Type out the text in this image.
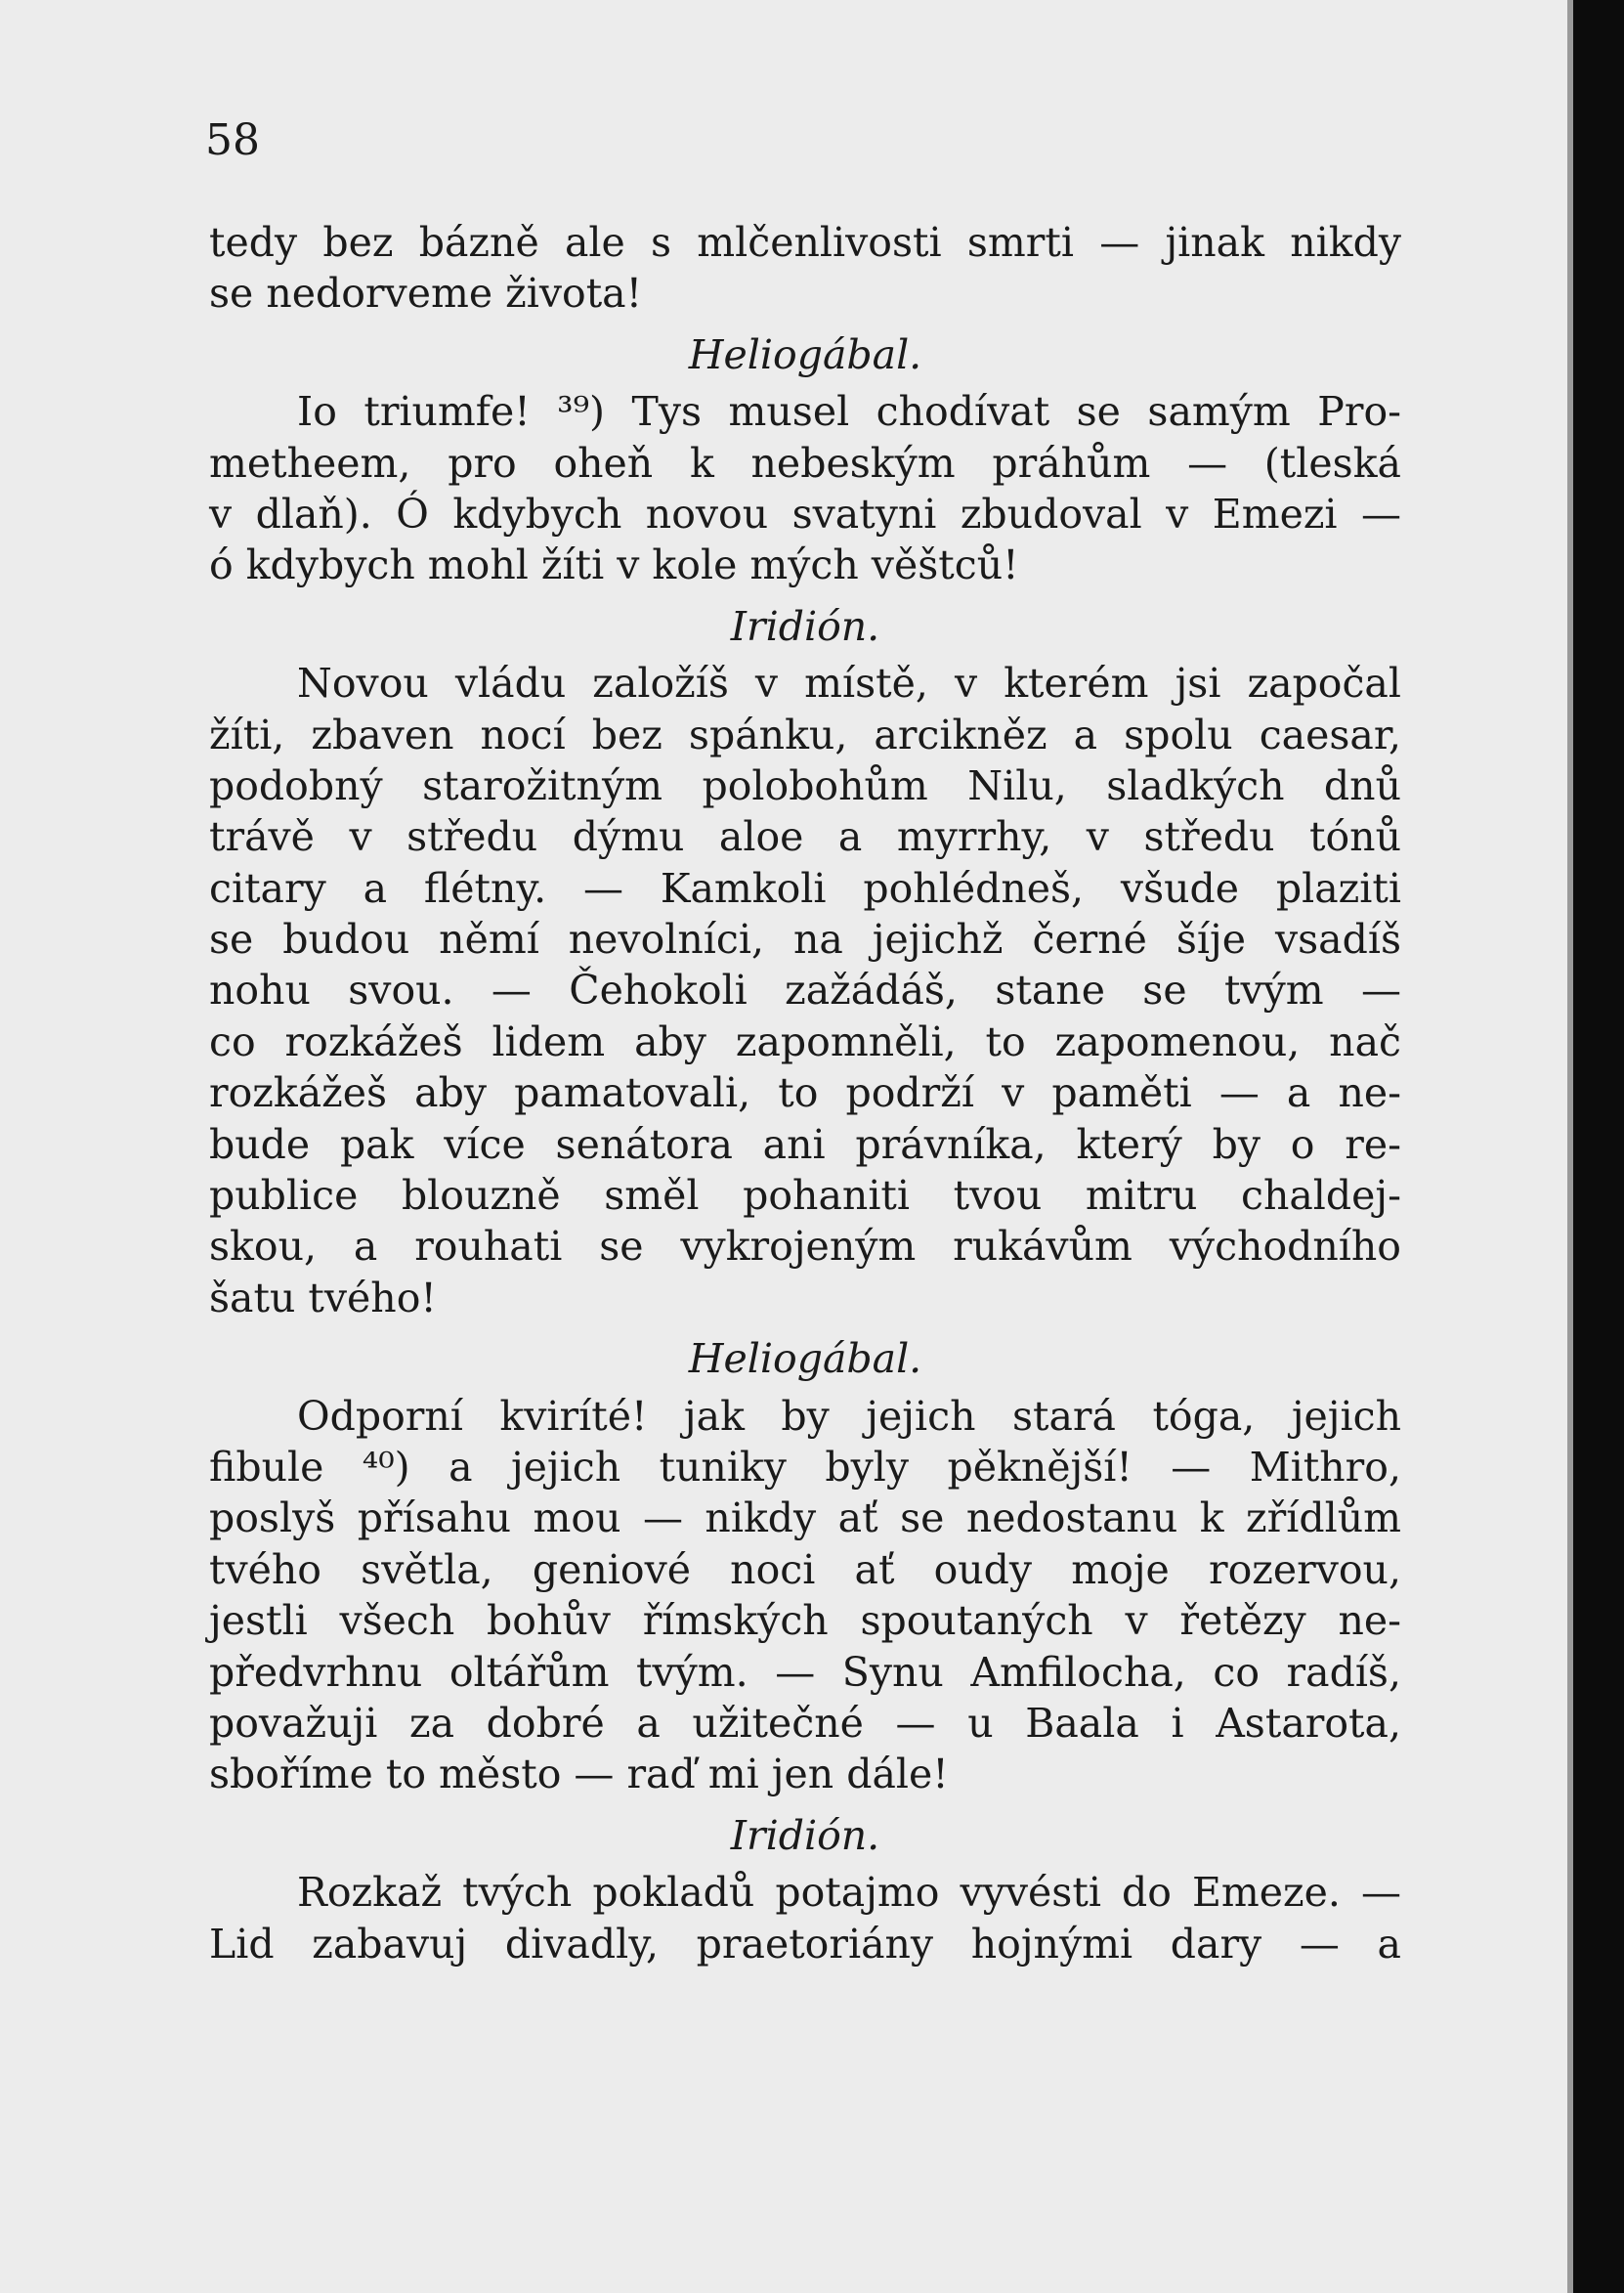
58
tedy bez bázně ale s mlčenlivosti smrti — jinak nikdy
se nedorveme života!
Heliogábal.
Io triumfe! ³⁹) Tys musel chodívat se samým Pro-
metheem, pro oheň k nebeským práhům — (tleská
v dlaň). Ó kdybych novou svatyni zbudoval v Emezi —
ó kdybych mohl žíti v kole mých věštců!
Iridión.
Novou vládu založíš v místě, v kterém jsi započal
žíti, zbaven nocí bez spánku, arcikněz a spolu caesar,
podobný starožitným polobohům Nilu, sladkých dnů
trávě v středu dýmu aloe a myrrhy, v středu tónů
citary a flétny. — Kamkoli pohlédneš, všude plaziti
se budou němí nevolníci, na jejichž černé šíje vsadíš
nohu svou. — Čehokoli zažádáš, stane se tvým —
co rozkážeš lidem aby zapomněli, to zapomenou, nač
rozkážeš aby pamatovali, to podrží v paměti — a ne-
bude pak více senátora ani právníka, který by o re-
publice blouzně směl pohaniti tvou mitru chaldej-
skou, a rouhati se vykrojeným rukávům východního
šatu tvého!
Heliogábal.
Odporní kviríté! jak by jejich stará tóga, jejich
fibule ⁴⁰) a jejich tuniky byly pěknější! — Mithro,
poslyš přísahu mou — nikdy ať se nedostanu k zřídlům
tvého světla, geniové noci ať oudy moje rozervou,
jestli všech bohův římských spoutaných v řetězy ne-
předvrhnu oltářům tvým. — Synu Amfilocha, co radíš,
považuji za dobré a užitečné — u Baala i Astarota,
sboříme to město — raď mi jen dále!
Iridión.
Rozkaž tvých pokladů potajmo vyvésti do Emeze. —
Lid zabavuj divadly, praetoriány hojnými dary — a
